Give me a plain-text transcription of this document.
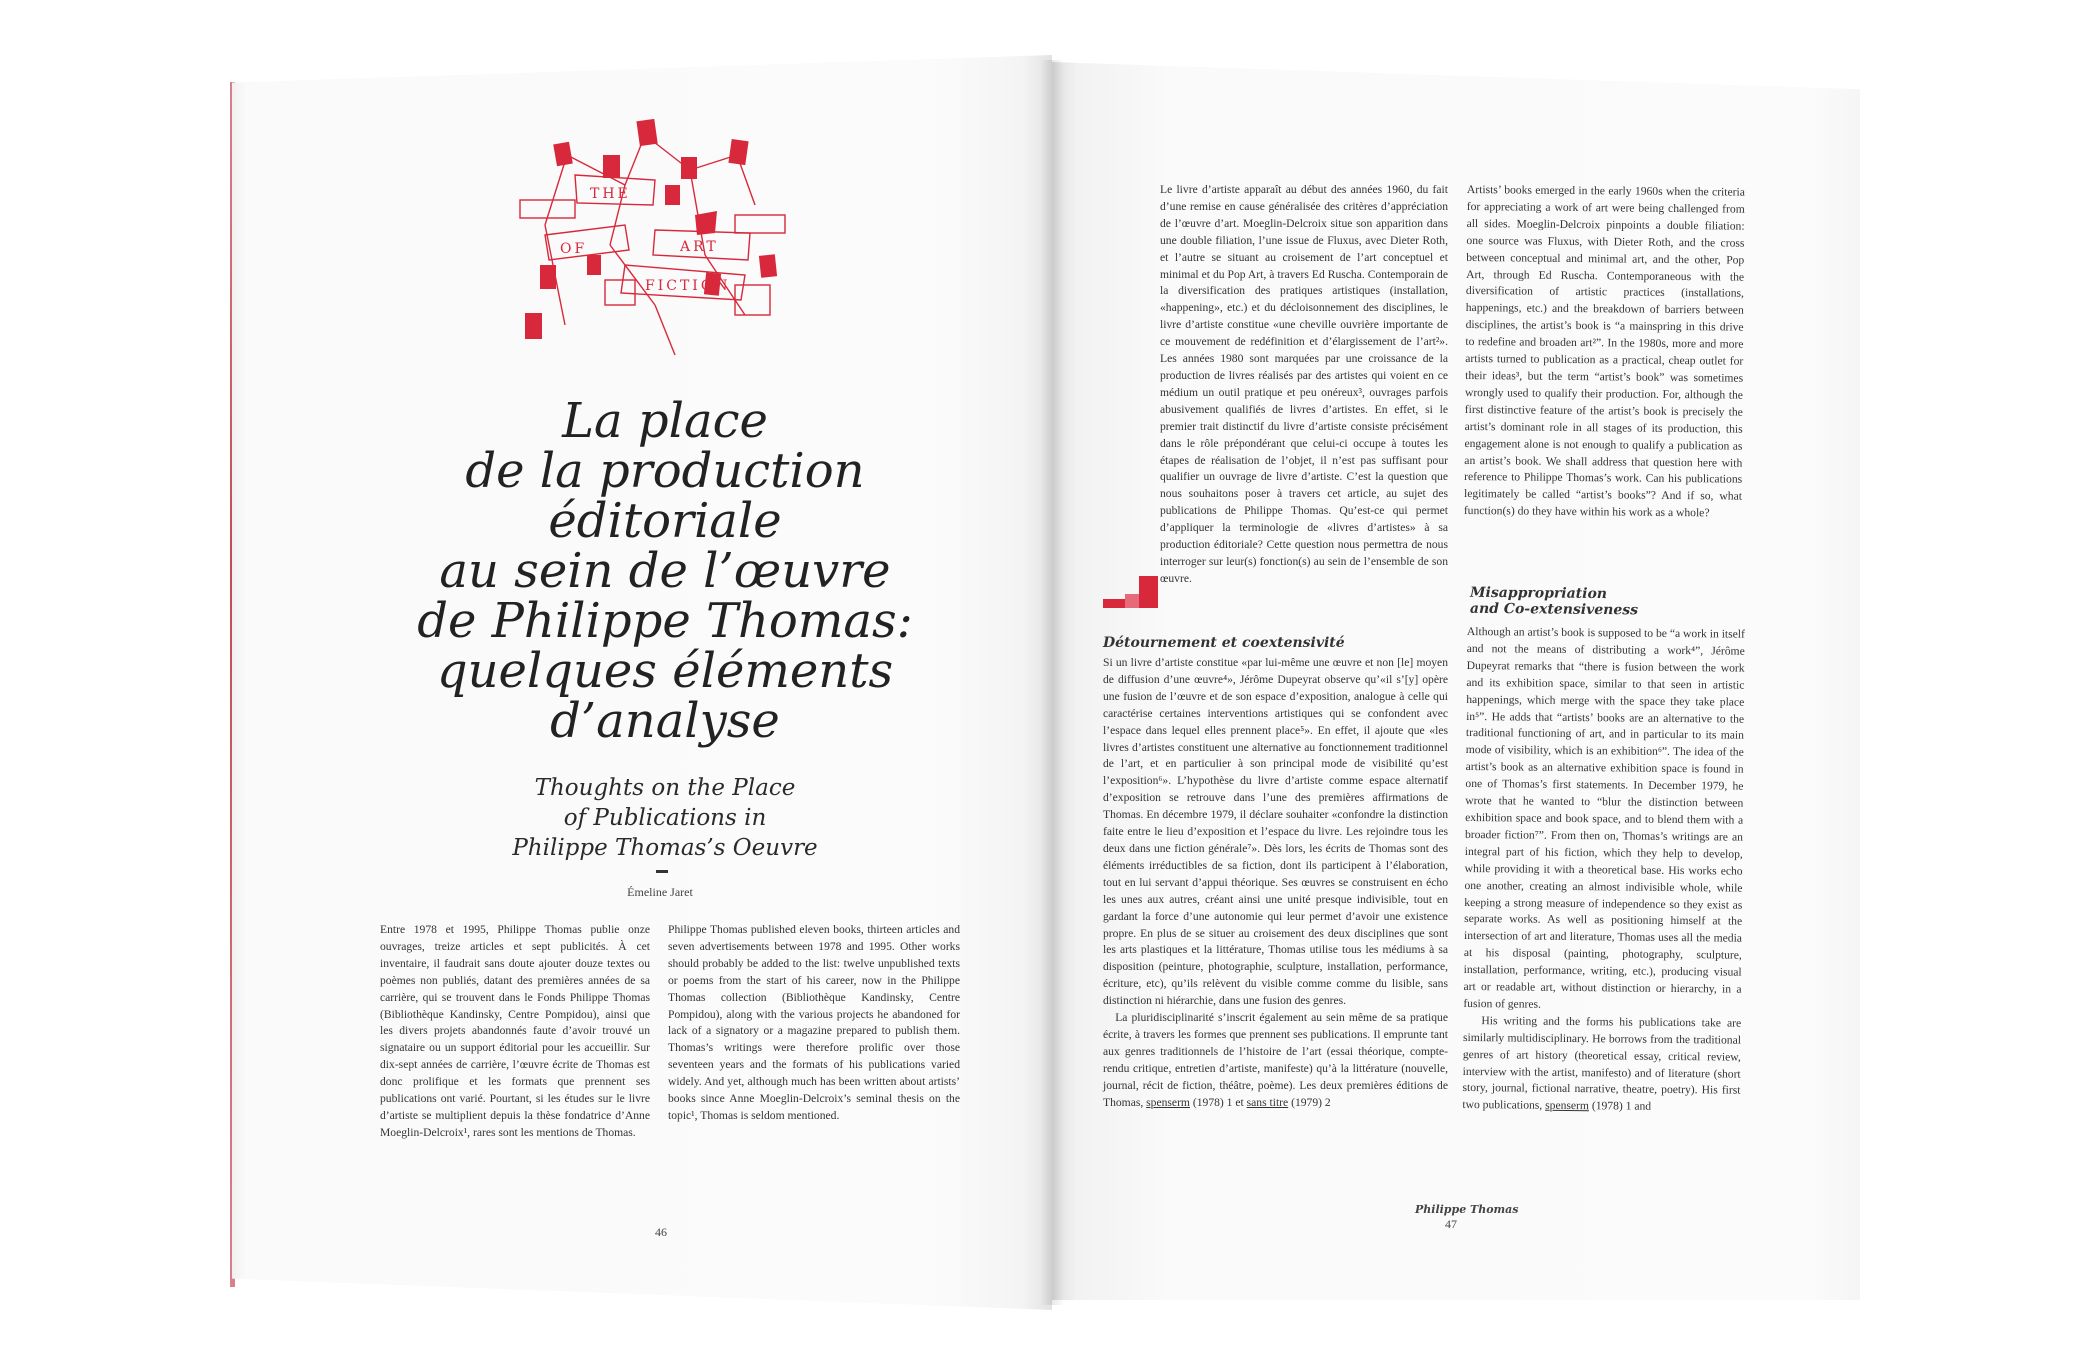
THE
ART
OF
FICTION
La place
de la production
éditoriale
au sein de l’œuvre
de Philippe Thomas:
quelques éléments
d’analyse
Thoughts on the Place
of Publications in
Philippe Thomas’s Oeuvre
Émeline Jaret
Entre 1978 et 1995, Philippe Thomas publie onze ouvrages, treize articles et sept publicités. À cet inventaire, il faudrait sans doute ajouter douze textes ou poèmes non publiés, datant des premières années de sa carrière, qui se trouvent dans le Fonds Philippe Thomas (Bibliothèque Kandinsky, Centre Pompidou), ainsi que les divers projets abandonnés faute d’avoir trouvé un signataire ou un support éditorial pour les accueillir. Sur dix-sept années de carrière, l’œuvre écrite de Thomas est donc prolifique et les formats que prennent ses publications ont varié. Pourtant, si les études sur le livre d’artiste se multiplient depuis la thèse fondatrice d’Anne Moeglin-Delcroix¹, rares sont les mentions de Thomas.
Philippe Thomas published eleven books, thirteen articles and seven advertisements between 1978 and 1995. Other works should probably be added to the list: twelve unpublished texts or poems from the start of his career, now in the Philippe Thomas collection (Bibliothèque Kandinsky, Centre Pompidou), along with the various projects he abandoned for lack of a signatory or a magazine prepared to publish them. Thomas’s writings were therefore prolific over those seventeen years and the formats of his publications varied widely. And yet, although much has been written about artists’ books since Anne Moeglin-Delcroix’s seminal thesis on the topic¹, Thomas is seldom mentioned.
46
Le livre d’artiste apparaît au début des années 1960, du fait d’une remise en cause généralisée des critères d’appréciation de l’œuvre d’art. Moeglin-Delcroix situe son apparition dans une double filiation, l’une issue de Fluxus, avec Dieter Roth, et l’autre se situant au croisement de l’art conceptuel et minimal et du Pop Art, à travers Ed Ruscha. Contemporain de la diversification des pratiques artistiques (installation, «happening», etc.) et du décloisonnement des disciplines, le livre d’artiste constitue «une cheville ouvrière importante de ce mouvement de redéfinition et d’élargissement de l’art²». Les années 1980 sont marquées par une croissance de la production de livres réalisés par des artistes qui voient en ce médium un outil pratique et peu onéreux³, ouvrages parfois abusivement qualifiés de livres d’artistes. En effet, si le premier trait distinctif du livre d’artiste consiste précisément dans le rôle prépondérant que celui-ci occupe à toutes les étapes de réalisation de l’objet, il n’est pas suffisant pour qualifier un ouvrage de livre d’artiste. C’est la question que nous souhaitons poser à travers cet article, au sujet des publications de Philippe Thomas. Qu’est-ce qui permet d’appliquer la terminologie de «livres d’artistes» à sa production éditoriale? Cette question nous permettra de nous interroger sur leur(s) fonction(s) au sein de l’ensemble de son œuvre.
Artists’ books emerged in the early 1960s when the criteria for appreciating a work of art were being challenged from all sides. Moeglin-Delcroix pinpoints a double filiation: one source was Fluxus, with Dieter Roth, and the cross between conceptual and minimal art, and the other, Pop Art, through Ed Ruscha. Contemporaneous with the diversification of artistic practices (installations, happenings, etc.) and the breakdown of barriers between disciplines, the artist’s book is “a mainspring in this drive to redefine and broaden art²”. In the 1980s, more and more artists turned to publication as a practical, cheap outlet for their ideas³, but the term “artist’s book” was sometimes wrongly used to qualify their production. For, although the first distinctive feature of the artist’s book is precisely the artist’s dominant role in all stages of its production, this engagement alone is not enough to qualify a publication as an artist’s book. We shall address that question here with reference to Philippe Thomas’s work. Can his publications legitimately be called “artist’s books”? And if so, what function(s) do they have within his work as a whole?
Détournement et coextensivité
Si un livre d’artiste constitue «par lui-même une œuvre et non [le] moyen de diffusion d’une œuvre⁴», Jérôme Dupeyrat observe qu’«il s’[y] opère une fusion de l’œuvre et de son espace d’exposition, analogue à celle qui caractérise certaines interventions artistiques qui se confondent avec l’espace dans lequel elles prennent place⁵». En effet, il ajoute que «les livres d’artistes constituent une alternative au fonctionnement traditionnel de l’art, et en particulier à son principal mode de visibilité qu’est l’exposition⁶». L’hypothèse du livre d’artiste comme espace alternatif d’exposition se retrouve dans l’une des premières affirmations de Thomas. En décembre 1979, il déclare souhaiter «confondre la distinction faite entre le lieu d’exposition et l’espace du livre. Les rejoindre tous les deux dans une fiction générale⁷». Dès lors, les écrits de Thomas sont des éléments irréductibles de sa fiction, dont ils participent à l’élaboration, tout en lui servant d’appui théorique. Ses œuvres se construisent en écho les unes aux autres, créant ainsi une unité presque indivisible, tout en gardant la force d’une autonomie qui leur permet d’avoir une existence propre. En plus de se situer au croisement des deux disciplines que sont les arts plastiques et la littérature, Thomas utilise tous les médiums à sa disposition (peinture, photographie, sculpture, installation, performance, écriture, etc), qu’ils relèvent du visible comme comme du lisible, sans distinction ni hiérarchie, dans une fusion des genres.
La pluridisciplinarité s’inscrit également au sein même de sa pratique écrite, à travers les formes que prennent ses publications. Il emprunte tant aux genres traditionnels de l’histoire de l’art (essai théorique, compte-rendu critique, entretien d’artiste, manifeste) qu’à la littérature (nouvelle, journal, récit de fiction, théâtre, poème). Les deux premières éditions de Thomas, spenserm (1978) 1 et sans titre (1979) 2
Misappropriation
and Co-extensiveness
Although an artist’s book is supposed to be “a work in itself and not the means of distributing a work⁴”, Jérôme Dupeyrat remarks that “there is fusion between the work and its exhibition space, similar to that seen in artistic happenings, which merge with the space they take place in⁵”. He adds that “artists’ books are an alternative to the traditional functioning of art, and in particular to its main mode of visibility, which is an exhibition⁶”. The idea of the artist’s book as an alternative exhibition space is found in one of Thomas’s first statements. In December 1979, he wrote that he wanted to “blur the distinction between exhibition space and book space, and to blend them with a broader fiction⁷”. From then on, Thomas’s writings are an integral part of his fiction, which they help to develop, while providing it with a theoretical base. His works echo one another, creating an almost indivisible whole, while keeping a strong measure of independence so they exist as separate works. As well as positioning himself at the intersection of art and literature, Thomas uses all the media at his disposal (painting, photography, sculpture, installation, performance, writing, etc.), producing visual art or readable art, without distinction or hierarchy, in a fusion of genres.
His writing and the forms his publications take are similarly multidisciplinary. He borrows from the traditional genres of art history (theoretical essay, critical review, interview with the artist, manifesto) and of literature (short story, journal, fictional narrative, theatre, poetry). His first two publications, spenserm (1978) 1 and
Philippe Thomas
47
